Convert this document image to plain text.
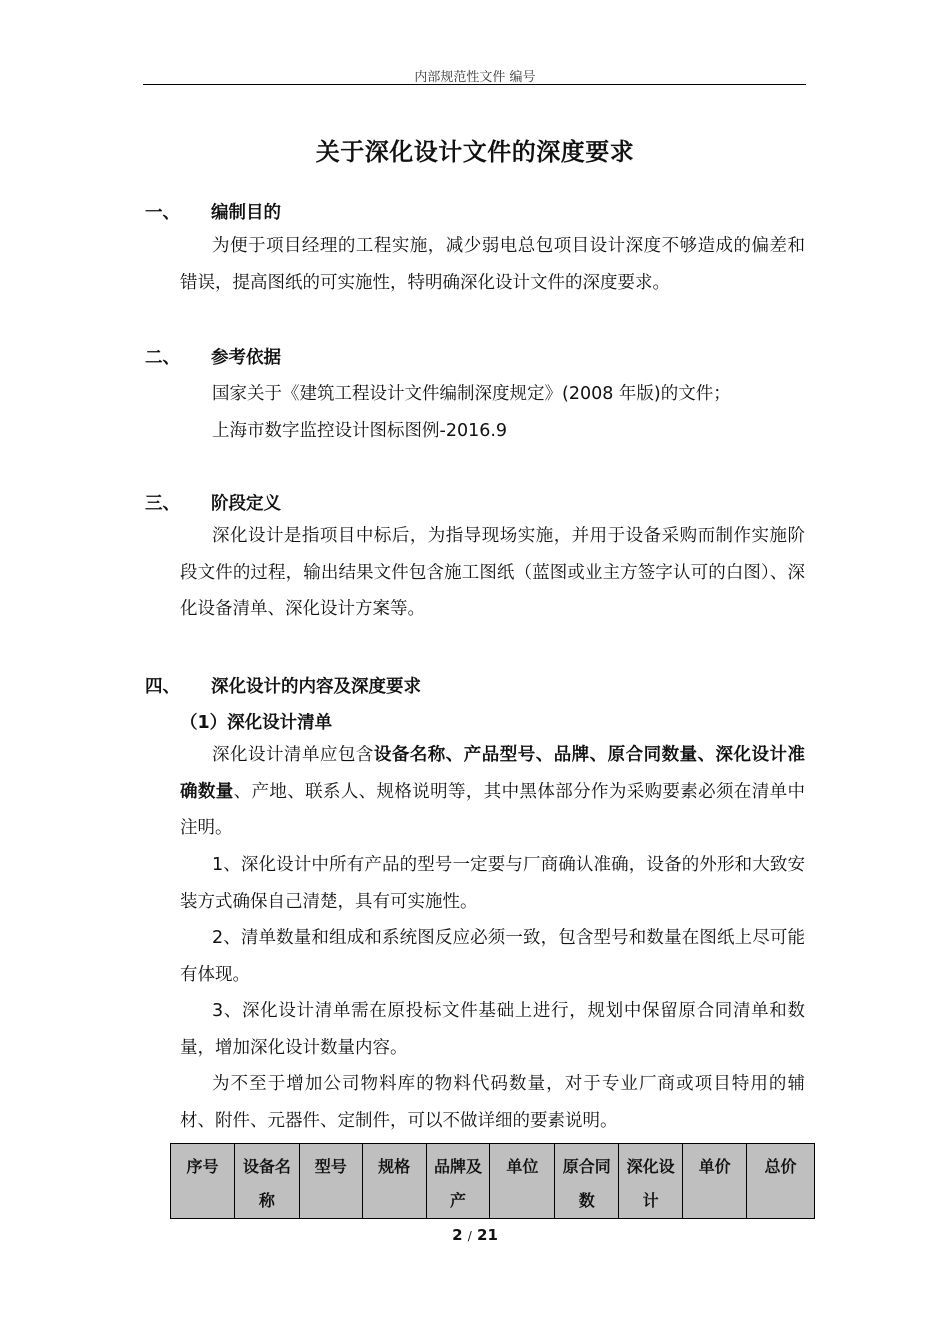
内部规范性文件 编号
关于深化设计文件的深度要求
一、 编制目的
为便于项目经理的工程实施，减少弱电总包项目设计深度不够造成的偏差和错误，提高图纸的可实施性，特明确深化设计文件的深度要求。
二、 参考依据
国家关于《建筑工程设计文件编制深度规定》(2008 年版)的文件；
上海市数字监控设计图标图例-2016.9
三、 阶段定义
深化设计是指项目中标后，为指导现场实施，并用于设备采购而制作实施阶段文件的过程，输出结果文件包含施工图纸（蓝图或业主方签字认可的白图）、深化设备清单、深化设计方案等。
四、 深化设计的内容及深度要求
（1）深化设计清单
深化设计清单应包含设备名称、产品型号、品牌、原合同数量、深化设计准确数量、产地、联系人、规格说明等，其中黑体部分作为采购要素必须在清单中注明。
1、深化设计中所有产品的型号一定要与厂商确认准确，设备的外形和大致安装方式确保自己清楚，具有可实施性。
2、清单数量和组成和系统图反应必须一致，包含型号和数量在图纸上尽可能有体现。
3、深化设计清单需在原投标文件基础上进行，规划中保留原合同清单和数量，增加深化设计数量内容。
为不至于增加公司物料库的物料代码数量，对于专业厂商或项目特用的辅材、附件、元器件、定制件，可以不做详细的要素说明。
序号	设备名称	型号	规格	品牌及产	单位	原合同数	深化设计	单价	总价
2 / 21
